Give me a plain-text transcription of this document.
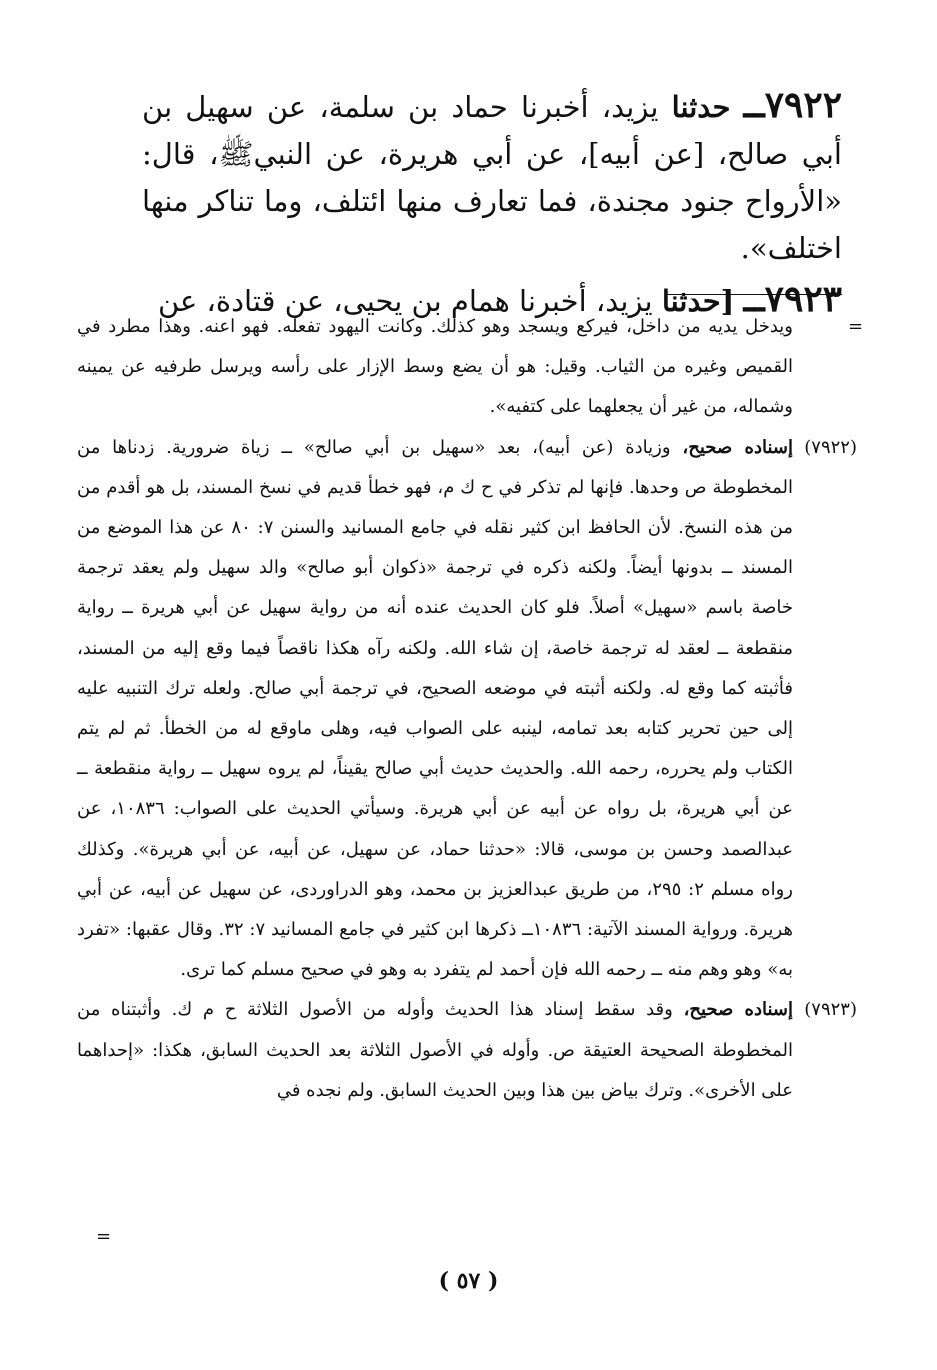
٧٩٢٢ــ حدثنا يزيد، أخبرنا حماد بن سلمة، عن سهيل بن أبي صالح، [عن أبيه]، عن أبي هريرة، عن النبيﷺ، قال: «الأرواح جنود مجندة، فما تعارف منها ائتلف، وما تناكر منها اختلف».

٧٩٢٣ــ [حدثنا يزيد، أخبرنا همام بن يحيى، عن قتادة، عن

=

ويدخل يديه من داخل، فيركع ويسجد وهو كذلك. وكانت اليهود تفعله. فهو اعنه. وهذا مطرد في القميص وغيره من الثياب. وقيل: هو أن يضع وسط الإزار على رأسه ويرسل طرفيه عن يمينه وشماله، من غير أن يجعلهما على كتفيه».

(٧٩٢٢)
إسناده صحيح، وزيادة (عن أبيه)، بعد «سهيل بن أبي صالح» ــ زياة ضرورية. زدناها من المخطوطة ص وحدها. فإنها لم تذكر في ح ك م، فهو خطأ قديم في نسخ المسند، بل هو أقدم من من هذه النسخ. لأن الحافظ ابن كثير نقله في جامع المسانيد والسنن ٧: ٨٠ عن هذا الموضع من المسند ــ بدونها أيضاً. ولكنه ذكره في ترجمة «ذكوان أبو صالح» والد سهيل ولم يعقد ترجمة خاصة باسم «سهيل» أصلاً. فلو كان الحديث عنده أنه من رواية سهيل عن أبي هريرة ــ رواية منقطعة ــ لعقد له ترجمة خاصة، إن شاء الله. ولكنه رآه هكذا ناقصاً فيما وقع إليه من المسند، فأثبته كما وقع له. ولكنه أثبته في موضعه الصحيح، في ترجمة أبي صالح. ولعله ترك التنبيه عليه إلى حين تحرير كتابه بعد تمامه، لينبه على الصواب فيه، وهلى ماوقع له من الخطأ. ثم لم يتم الكتاب ولم يحرره، رحمه الله. والحديث حديث أبي صالح يقيناً، لم يروه سهيل ــ رواية منقطعة ــ عن أبي هريرة، بل رواه عن أبيه عن أبي هريرة. وسيأتي الحديث على الصواب: ١٠٨٣٦، عن عبدالصمد وحسن بن موسى، قالا: «حدثنا حماد، عن سهيل، عن أبيه، عن أبي هريرة». وكذلك رواه مسلم ٢: ٢٩٥، من طريق عبدالعزيز بن محمد، وهو الدراوردى، عن سهيل عن أبيه، عن أبي هريرة. ورواية المسند الآتية: ١٠٨٣٦ــ ذكرها ابن كثير في جامع المسانيد ٧: ٣٢. وقال عقبها: «تفرد به» وهو وهم منه ــ رحمه الله فإن أحمد لم يتفرد به وهو في صحيح مسلم كما ترى.
(٧٩٢٣)
إسناده صحيح، وقد سقط إسناد هذا الحديث وأوله من الأصول الثلاثة ح م ك. وأثبتناه من المخطوطة الصحيحة العتيقة ص. وأوله في الأصول الثلاثة بعد الحديث السابق، هكذا: «إحداهما على الأخرى». وترك بياض بين هذا وبين الحديث السابق. ولم نجده في
=
( ٥٧ )
